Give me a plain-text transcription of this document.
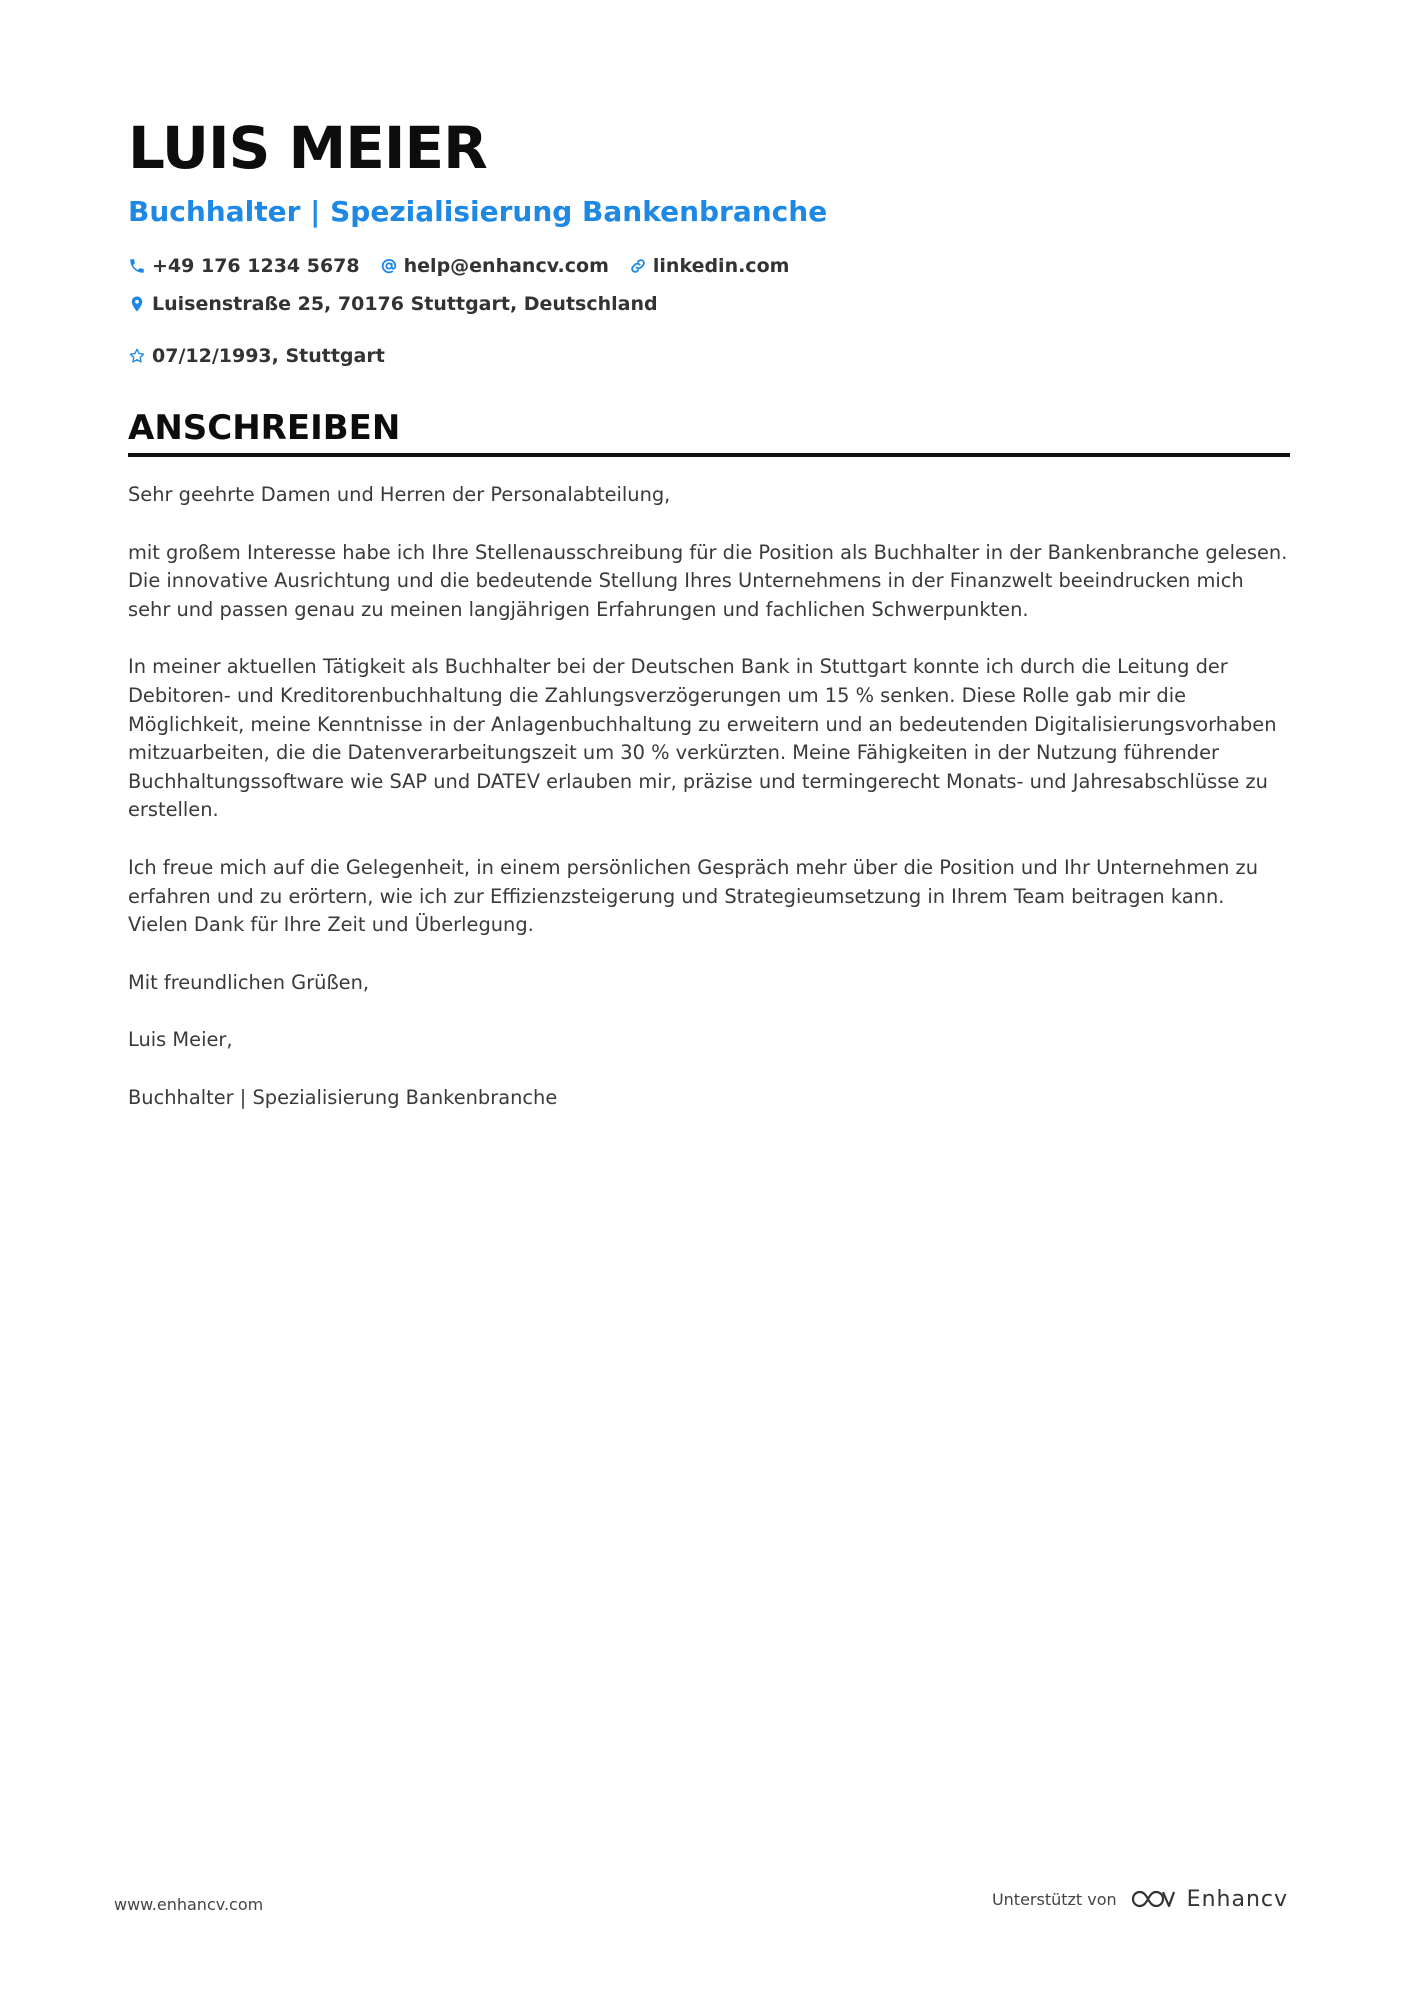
LUIS MEIER
Buchhalter | Spezialisierung Bankenbranche
+49 176 1234 5678 help@enhancv.com linkedin.com
Luisenstraße 25, 70176 Stuttgart, Deutschland
07/12/1993, Stuttgart
ANSCHREIBEN

Sehr geehrte Damen und Herren der Personalabteilung,

mit großem Interesse habe ich Ihre Stellenausschreibung für die Position als Buchhalter in der Bankenbranche gelesen. Die innovative Ausrichtung und die bedeutende Stellung Ihres Unternehmens in der Finanzwelt beeindrucken mich sehr und passen genau zu meinen langjährigen Erfahrungen und fachlichen Schwerpunkten.

In meiner aktuellen Tätigkeit als Buchhalter bei der Deutschen Bank in Stuttgart konnte ich durch die Leitung der Debitoren- und Kreditorenbuchhaltung die Zahlungsverzögerungen um 15 % senken. Diese Rolle gab mir die Möglichkeit, meine Kenntnisse in der Anlagenbuchhaltung zu erweitern und an bedeutenden Digitalisierungsvorhaben mitzuarbeiten, die die Datenverarbeitungszeit um 30 % verkürzten. Meine Fähigkeiten in der Nutzung führender Buchhaltungssoftware wie SAP und DATEV erlauben mir, präzise und termingerecht Monats- und Jahresabschlüsse zu erstellen.

Ich freue mich auf die Gelegenheit, in einem persönlichen Gespräch mehr über die Position und Ihr Unternehmen zu erfahren und zu erörtern, wie ich zur Effizienzsteigerung und Strategieumsetzung in Ihrem Team beitragen kann. Vielen Dank für Ihre Zeit und Überlegung.

Mit freundlichen Grüßen,

Luis Meier,

Buchhalter | Spezialisierung Bankenbranche

www.enhancv.com	Unterstützt von	Enhancv
